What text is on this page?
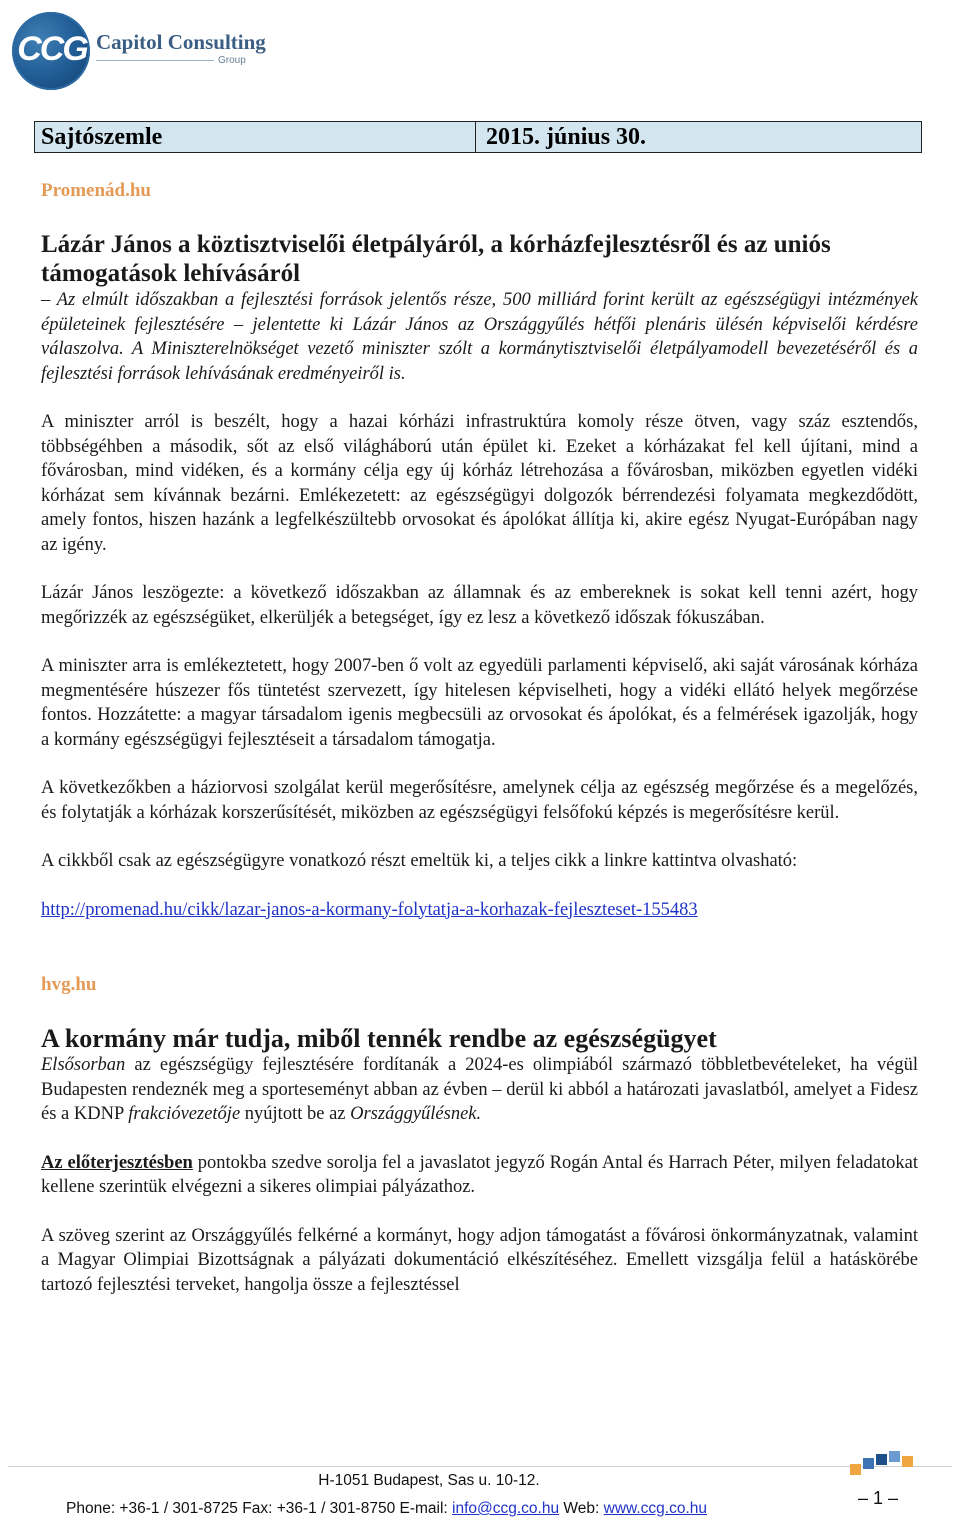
CCG Capitol Consulting
Group
Sajtószemle	2015. június 30.

Promenád.hu

Lázár János a köztisztviselői életpályáról, a kórházfejlesztésről és az uniós támogatások lehívásáról

– Az elmúlt időszakban a fejlesztési források jelentős része, 500 milliárd forint került az egészségügyi intézmények épületeinek fejlesztésére – jelentette ki Lázár János az Országgyűlés hétfői plenáris ülésén képviselői kérdésre válaszolva. A Miniszterelnökséget vezető miniszter szólt a kormánytisztviselői életpályamodell bevezetéséről és a fejlesztési források lehívásának eredményeiről is.

A miniszter arról is beszélt, hogy a hazai kórházi infrastruktúra komoly része ötven, vagy száz esztendős, többségéhben a második, sőt az első világháború után épület ki. Ezeket a kórházakat fel kell újítani, mind a fővárosban, mind vidéken, és a kormány célja egy új kórház létrehozása a fővárosban, miközben egyetlen vidéki kórházat sem kívánnak bezárni. Emlékezetett: az egészségügyi dolgozók bérrendezési folyamata megkezdődött, amely fontos, hiszen hazánk a legfelkészültebb orvosokat és ápolókat állítja ki, akire egész Nyugat-Európában nagy az igény.

Lázár János leszögezte: a következő időszakban az államnak és az embereknek is sokat kell tenni azért, hogy megőrizzék az egészségüket, elkerüljék a betegséget, így ez lesz a következő időszak fókuszában.

A miniszter arra is emlékeztetett, hogy 2007-ben ő volt az egyedüli parlamenti képviselő, aki saját városának kórháza megmentésére húszezer fős tüntetést szervezett, így hitelesen képviselheti, hogy a vidéki ellátó helyek megőrzése fontos. Hozzátette: a magyar társadalom igenis megbecsüli az orvosokat és ápolókat, és a felmérések igazolják, hogy a kormány egészségügyi fejlesztéseit a társadalom támogatja.

A következőkben a háziorvosi szolgálat kerül megerősítésre, amelynek célja az egészség megőrzése és a megelőzés, és folytatják a kórházak korszerűsítését, miközben az egészségügyi felsőfokú képzés is megerősítésre kerül.

A cikkből csak az egészségügyre vonatkozó részt emeltük ki, a teljes cikk a linkre kattintva olvasható:

http://promenad.hu/cikk/lazar-janos-a-kormany-folytatja-a-korhazak-fejleszteset-155483

hvg.hu

A kormány már tudja, miből tennék rendbe az egészségügyet

Elsősorban az egészségügy fejlesztésére fordítanák a 2024-es olimpiából származó többletbevételeket, ha végül Budapesten rendeznék meg a sporteseményt abban az évben – derül ki abból a határozati javaslatból, amelyet a Fidesz és a KDNP frakcióvezetője nyújtott be az Országgyűlésnek.

Az előterjesztésben pontokba szedve sorolja fel a javaslatot jegyző Rogán Antal és Harrach Péter, milyen feladatokat kellene szerintük elvégezni a sikeres olimpiai pályázathoz.

A szöveg szerint az Országgyűlés felkérné a kormányt, hogy adjon támogatást a fővárosi önkormányzatnak, valamint a Magyar Olimpiai Bizottságnak a pályázati dokumentáció elkészítéséhez. Emellett vizsgálja felül a hatáskörébe tartozó fejlesztési terveket, hangolja össze a fejlesztéssel

H-1051 Budapest, Sas u. 10-12.
Phone: +36-1 / 301-8725 Fax: +36-1 / 301-8750 E-mail: info@ccg.co.hu Web: www.ccg.co.hu
– 1 –
